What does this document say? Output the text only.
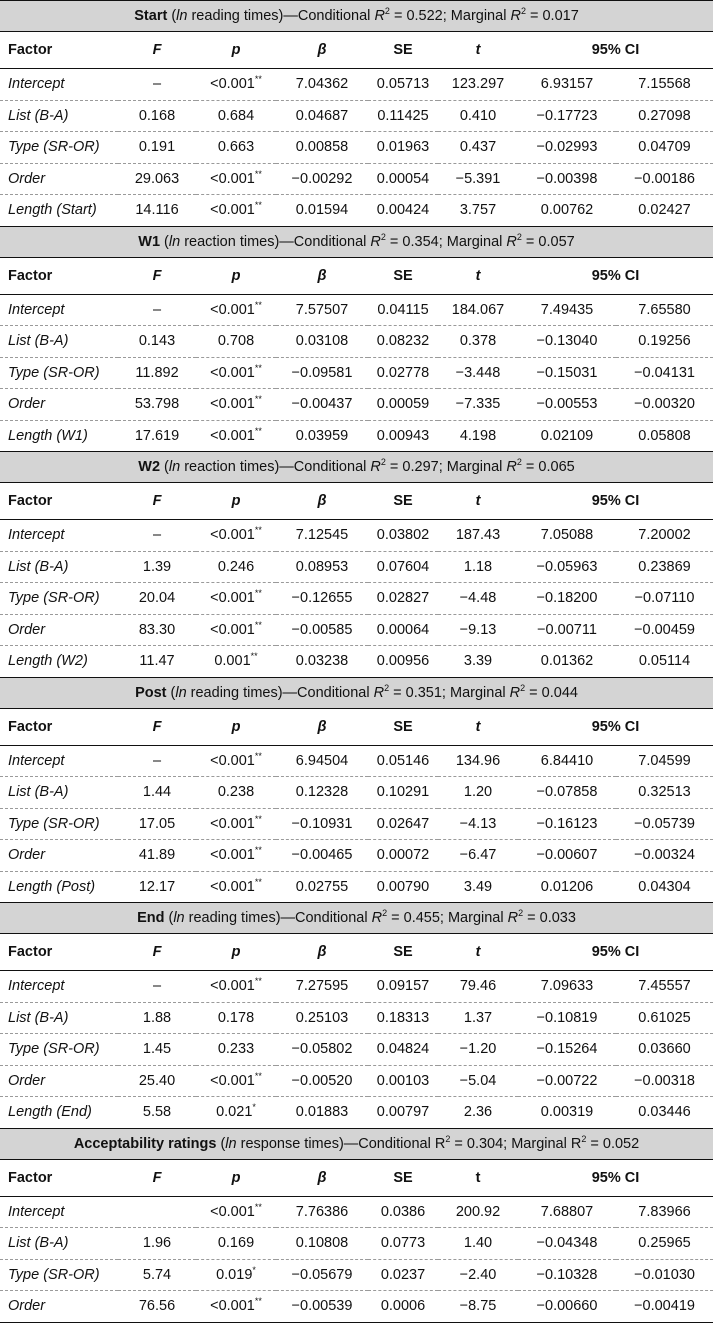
Start (ln reading times)—Conditional $R^2 = 0.522$; Marginal $R^2 = 0.017$							
Factor	F	p	β	SE	t	95% CI	
Intercept	–	<0.001**	7.04362	0.05713	123.297	6.93157	7.15568
List (B-A)	0.168	0.684	0.04687	0.11425	0.410	−0.17723	0.27098
Type (SR-OR)	0.191	0.663	0.00858	0.01963	0.437	−0.02993	0.04709
Order	29.063	<0.001**	−0.00292	0.00054	−5.391	−0.00398	−0.00186
Length (Start)	14.116	<0.001**	0.01594	0.00424	3.757	0.00762	0.02427
W1 (ln reaction times)—Conditional $R^2 = 0.354$; Marginal $R^2 = 0.057$							
Factor	F	p	β	SE	t	95% CI	
Intercept	–	<0.001**	7.57507	0.04115	184.067	7.49435	7.65580
List (B-A)	0.143	0.708	0.03108	0.08232	0.378	−0.13040	0.19256
Type (SR-OR)	11.892	<0.001**	−0.09581	0.02778	−3.448	−0.15031	−0.04131
Order	53.798	<0.001**	−0.00437	0.00059	−7.335	−0.00553	−0.00320
Length (W1)	17.619	<0.001**	0.03959	0.00943	4.198	0.02109	0.05808
W2 (ln reaction times)—Conditional $R^2 = 0.297$; Marginal $R^2 = 0.065$							
Factor	F	p	β	SE	t	95% CI	
Intercept	–	<0.001**	7.12545	0.03802	187.43	7.05088	7.20002
List (B-A)	1.39	0.246	0.08953	0.07604	1.18	−0.05963	0.23869
Type (SR-OR)	20.04	<0.001**	−0.12655	0.02827	−4.48	−0.18200	−0.07110
Order	83.30	<0.001**	−0.00585	0.00064	−9.13	−0.00711	−0.00459
Length (W2)	11.47	0.001**	0.03238	0.00956	3.39	0.01362	0.05114
Post (ln reading times)—Conditional $R^2 = 0.351$; Marginal $R^2 = 0.044$							
Factor	F	p	β	SE	t	95% CI	
Intercept	–	<0.001**	6.94504	0.05146	134.96	6.84410	7.04599
List (B-A)	1.44	0.238	0.12328	0.10291	1.20	−0.07858	0.32513
Type (SR-OR)	17.05	<0.001**	−0.10931	0.02647	−4.13	−0.16123	−0.05739
Order	41.89	<0.001**	−0.00465	0.00072	−6.47	−0.00607	−0.00324
Length (Post)	12.17	<0.001**	0.02755	0.00790	3.49	0.01206	0.04304
End (ln reading times)—Conditional $R^2 = 0.455$; Marginal $R^2 = 0.033$							
Factor	F	p	β	SE	t	95% CI	
Intercept	–	<0.001**	7.27595	0.09157	79.46	7.09633	7.45557
List (B-A)	1.88	0.178	0.25103	0.18313	1.37	−0.10819	0.61025
Type (SR-OR)	1.45	0.233	−0.05802	0.04824	−1.20	−0.15264	0.03660
Order	25.40	<0.001**	−0.00520	0.00103	−5.04	−0.00722	−0.00318
Length (End)	5.58	0.021*	0.01883	0.00797	2.36	0.00319	0.03446
Acceptability ratings (ln response times)—Conditional $R^2 = 0.304$; Marginal $R^2 = 0.052$							
Factor	F	p	β	SE	t	95% CI	
Intercept		<0.001**	7.76386	0.0386	200.92	7.68807	7.83966
List (B-A)	1.96	0.169	0.10808	0.0773	1.40	−0.04348	0.25965
Type (SR-OR)	5.74	0.019*	−0.05679	0.0237	−2.40	−0.10328	−0.01030
Order	76.56	<0.001**	−0.00539	0.0006	−8.75	−0.00660	−0.00419
